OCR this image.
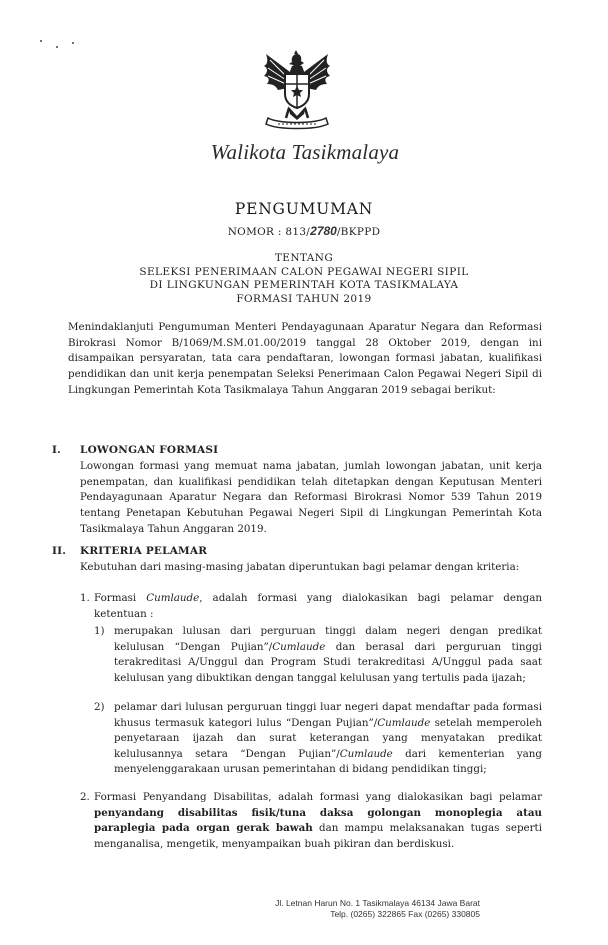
Walikota Tasikmalaya
PENGUMUMAN
NOMOR : 813/2780/BKPPD
TENTANG
SELEKSI PENERIMAAN CALON PEGAWAI NEGERI SIPIL
DI LINGKUNGAN PEMERINTAH KOTA TASIKMALAYA
FORMASI TAHUN 2019

Menindaklanjuti Pengumuman Menteri Pendayagunaan Aparatur Negara dan Reformasi Birokrasi Nomor B/1069/M.SM.01.00/2019 tanggal 28 Oktober 2019, dengan ini disampaikan persyaratan, tata cara pendaftaran, lowongan formasi jabatan, kualifikasi pendidikan dan unit kerja penempatan Seleksi Penerimaan Calon Pegawai Negeri Sipil di Lingkungan Pemerintah Kota Tasikmalaya Tahun Anggaran 2019 sebagai berikut:

I. LOWONGAN FORMASI

Lowongan formasi yang memuat nama jabatan, jumlah lowongan jabatan, unit kerja penempatan, dan kualifikasi pendidikan telah ditetapkan dengan Keputusan Menteri Pendayagunaan Aparatur Negara dan Reformasi Birokrasi Nomor 539 Tahun 2019 tentang Penetapan Kebutuhan Pegawai Negeri Sipil di Lingkungan Pemerintah Kota Tasikmalaya Tahun Anggaran 2019.

II. KRITERIA PELAMAR

Kebutuhan dari masing-masing jabatan diperuntukan bagi pelamar dengan kriteria:

1. Formasi Cumlaude, adalah formasi yang dialokasikan bagi pelamar dengan ketentuan :
1) merupakan lulusan dari perguruan tinggi dalam negeri dengan predikat kelulusan “Dengan Pujian”/Cumlaude dan berasal dari perguruan tinggi terakreditasi A/Unggul dan Program Studi terakreditasi A/Unggul pada saat kelulusan yang dibuktikan dengan tanggal kelulusan yang tertulis pada ijazah;
2) pelamar dari lulusan perguruan tinggi luar negeri dapat mendaftar pada formasi khusus termasuk kategori lulus “Dengan Pujian”/Cumlaude setelah memperoleh penyetaraan ijazah dan surat keterangan yang menyatakan predikat kelulusannya setara “Dengan Pujian”/Cumlaude dari kementerian yang menyelenggarakaan urusan pemerintahan di bidang pendidikan tinggi;
2. Formasi Penyandang Disabilitas, adalah formasi yang dialokasikan bagi pelamar penyandang disabilitas fisik/tuna daksa golongan monoplegia atau paraplegia pada organ gerak bawah dan mampu melaksanakan tugas seperti menganalisa, mengetik, menyampaikan buah pikiran dan berdiskusi.
Jl. Letnan Harun No. 1 Tasikmalaya 46134 Jawa Barat
Telp. (0265) 322865 Fax (0265) 330805
